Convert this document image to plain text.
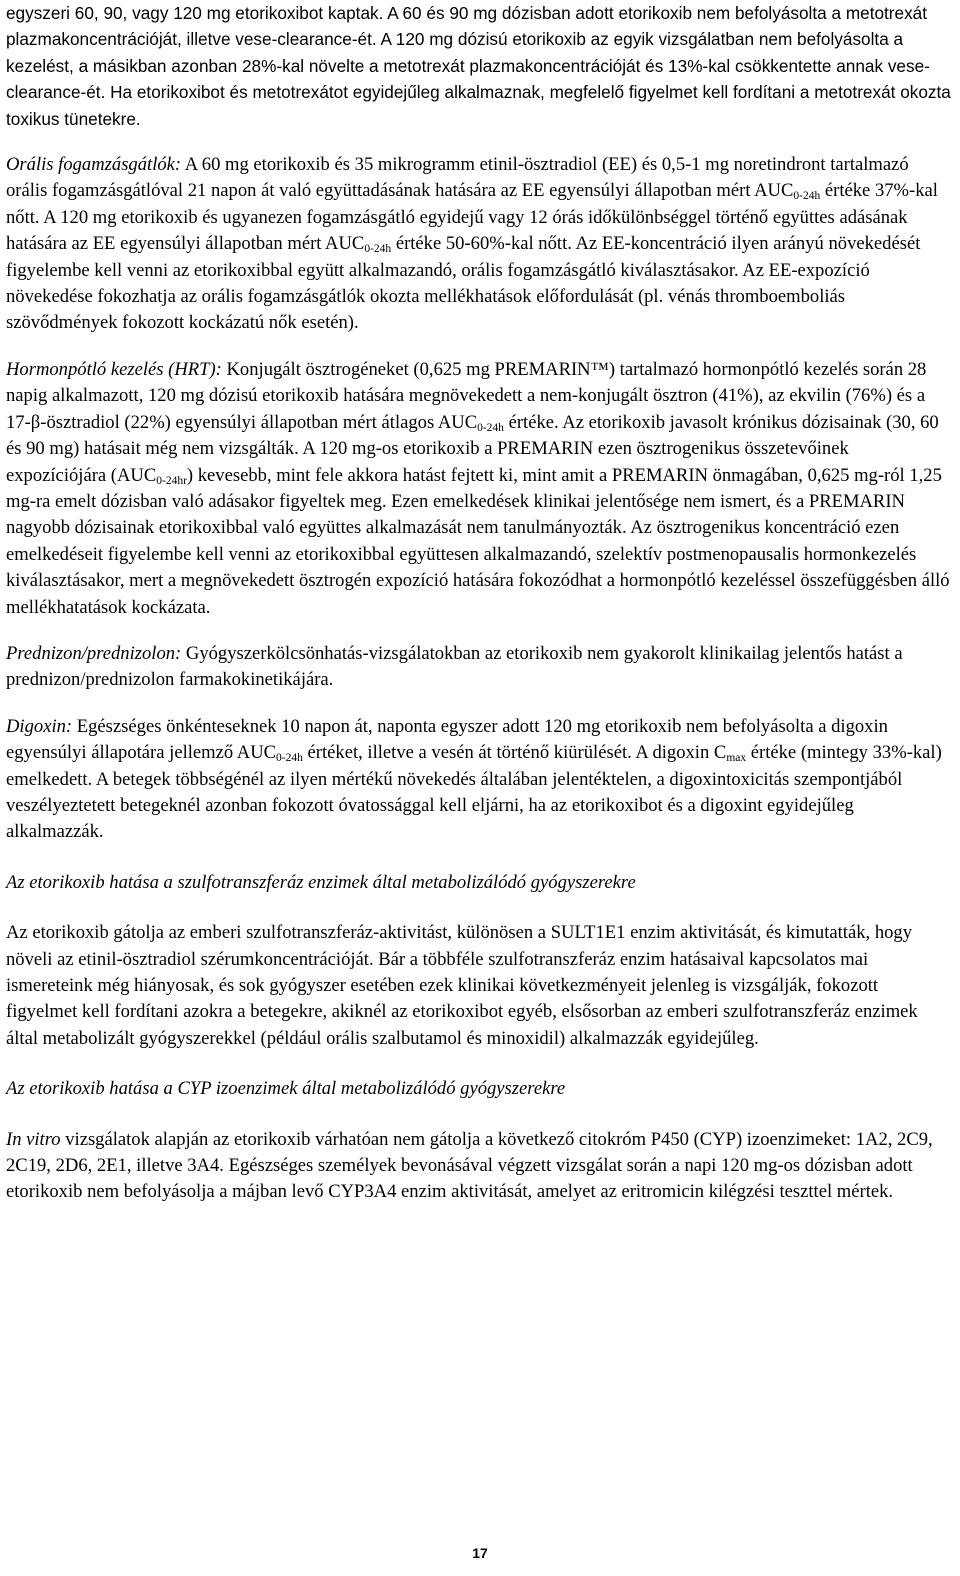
egyszeri 60, 90, vagy 120 mg etorikoxibot kaptak. A 60 és 90 mg dózisban adott etorikoxib nem befolyásolta a metotrexát plazmakoncentrációját, illetve vese-clearance-ét. A 120 mg dózisú etorikoxib az egyik vizsgálatban nem befolyásolta a kezelést, a másikban azonban 28%-kal növelte a metotrexát plazmakoncentrációját és 13%-kal csökkentette annak vese-clearance-ét. Ha etorikoxibot és metotrexátot egyidejűleg alkalmaznak, megfelelő figyelmet kell fordítani a metotrexát okozta toxikus tünetekre.

Orális fogamzásgátlók: A 60 mg etorikoxib és 35 mikrogramm etinil-ösztradiol (EE) és 0,5-1 mg noretindront tartalmazó orális fogamzásgátlóval 21 napon át való együttadásának hatására az EE egyensúlyi állapotban mért $AUC_{0-24h}$ értéke 37%-kal nőtt. A 120 mg etorikoxib és ugyanezen fogamzásgátló egyidejű vagy 12 órás időkülönbséggel történő együttes adásának hatására az EE egyensúlyi állapotban mért $AUC_{0-24h}$ értéke 50-60%-kal nőtt. Az EE-koncentráció ilyen arányú növekedését figyelembe kell venni az etorikoxibbal együtt alkalmazandó, orális fogamzásgátló kiválasztásakor. Az EE-expozíció növekedése fokozhatja az orális fogamzásgátlók okozta mellékhatások előfordulását (pl. vénás thromboemboliás szövődmények fokozott kockázatú nők esetén).

Hormonpótló kezelés (HRT): Konjugált ösztrogéneket (0,625 mg PREMARIN™) tartalmazó hormonpótló kezelés során 28 napig alkalmazott, 120 mg dózisú etorikoxib hatására megnövekedett a nem-konjugált ösztron (41%), az ekvilin (76%) és a 17-β-ösztradiol (22%) egyensúlyi állapotban mért átlagos $AUC_{0-24h}$ értéke. Az etorikoxib javasolt krónikus dózisainak (30, 60 és 90 mg) hatásait még nem vizsgálták. A 120 mg-os etorikoxib a PREMARIN ezen ösztrogenikus összetevőinek expozíciójára $(AUC_{0-24hr})$ kevesebb, mint fele akkora hatást fejtett ki, mint amit a PREMARIN önmagában, 0,625 mg-ról 1,25 mg-ra emelt dózisban való adásakor figyeltek meg. Ezen emelkedések klinikai jelentősége nem ismert, és a PREMARIN nagyobb dózisainak etorikoxibbal való együttes alkalmazását nem tanulmányozták. Az ösztrogenikus koncentráció ezen emelkedéseit figyelembe kell venni az etorikoxibbal együttesen alkalmazandó, szelektív postmenopausalis hormonkezelés kiválasztásakor, mert a megnövekedett ösztrogén expozíció hatására fokozódhat a hormonpótló kezeléssel összefüggésben álló mellékhatatások kockázata.

Prednizon/prednizolon: Gyógyszerkölcsönhatás-vizsgálatokban az etorikoxib nem gyakorolt klinikailag jelentős hatást a prednizon/prednizolon farmakokinetikájára.

Digoxin: Egészséges önkénteseknek 10 napon át, naponta egyszer adott 120 mg etorikoxib nem befolyásolta a digoxin egyensúlyi állapotára jellemző $AUC_{0-24h}$ értéket, illetve a vesén át történő kiürülését. A digoxin $C_{max}$ értéke (mintegy 33%-kal) emelkedett. A betegek többségénél az ilyen mértékű növekedés általában jelentéktelen, a digoxintoxicitás szempontjából veszélyeztetett betegeknél azonban fokozott óvatossággal kell eljárni, ha az etorikoxibot és a digoxint egyidejűleg alkalmazzák.

Az etorikoxib hatása a szulfotranszferáz enzimek által metabolizálódó gyógyszerekre

Az etorikoxib gátolja az emberi szulfotranszferáz-aktivitást, különösen a SULT1E1 enzim aktivitását, és kimutatták, hogy növeli az etinil-ösztradiol szérumkoncentrációját. Bár a többféle szulfotranszferáz enzim hatásaival kapcsolatos mai ismereteink még hiányosak, és sok gyógyszer esetében ezek klinikai következményeit jelenleg is vizsgálják, fokozott figyelmet kell fordítani azokra a betegekre, akiknél az etorikoxibot egyéb, elsősorban az emberi szulfotranszferáz enzimek által metabolizált gyógyszerekkel (például orális szalbutamol és minoxidil) alkalmazzák egyidejűleg.

Az etorikoxib hatása a CYP izoenzimek által metabolizálódó gyógyszerekre

In vitro vizsgálatok alapján az etorikoxib várhatóan nem gátolja a következő citokróm P450 (CYP) izoenzimeket: 1A2, 2C9, 2C19, 2D6, 2E1, illetve 3A4. Egészséges személyek bevonásával végzett vizsgálat során a napi 120 mg-os dózisban adott etorikoxib nem befolyásolja a májban levő CYP3A4 enzim aktivitását, amelyet az eritromicin kilégzési teszttel mértek.

17
